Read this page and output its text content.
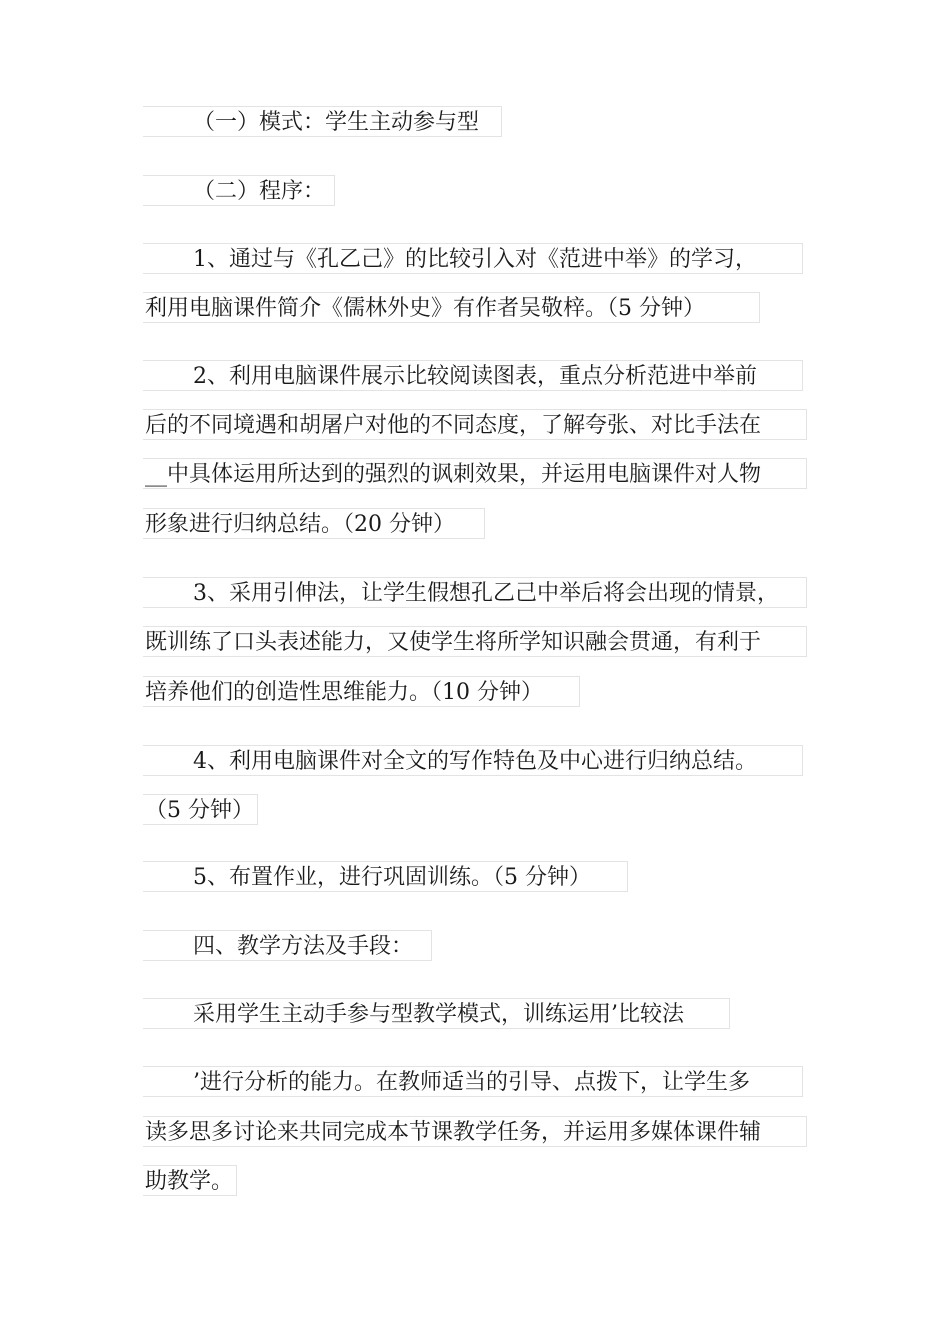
（一）模式：学生主动参与型
（二）程序：
1、通过与《孔乙己》的比较引入对《范进中举》的学习，
利用电脑课件简介《儒林外史》有作者吴敬梓。（5 分钟）
2、利用电脑课件展示比较阅读图表，重点分析范进中举前
后的不同境遇和胡屠户对他的不同态度，了解夸张、对比手法在
__中具体运用所达到的强烈的讽刺效果，并运用电脑课件对人物
形象进行归纳总结。（20 分钟）
3、采用引伸法，让学生假想孔乙己中举后将会出现的情景，
既训练了口头表述能力，又使学生将所学知识融会贯通，有利于
培养他们的创造性思维能力。（10 分钟）
4、利用电脑课件对全文的写作特色及中心进行归纳总结。
（5 分钟）
5、布置作业，进行巩固训练。（5 分钟）
四、教学方法及手段：
采用学生主动手参与型教学模式，训练运用’比较法
’进行分析的能力。在教师适当的引导、点拨下，让学生多
读多思多讨论来共同完成本节课教学任务，并运用多媒体课件辅
助教学。
